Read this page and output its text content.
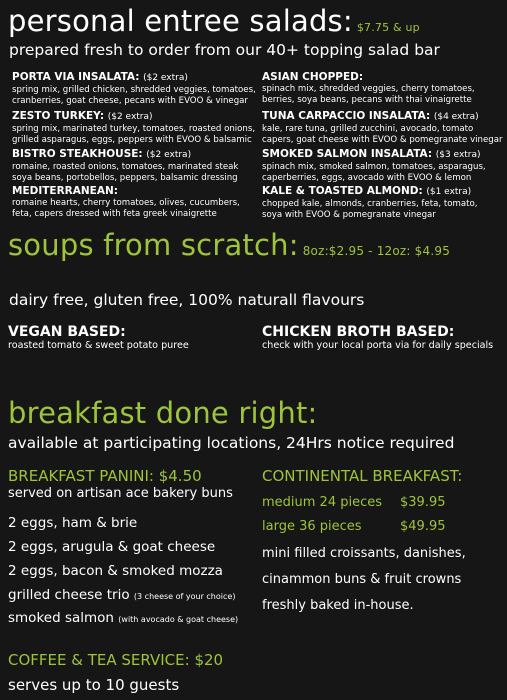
personal entree salads: $7.75 & up
prepared fresh to order from our 40+ topping salad bar
PORTA VIA INSALATA: ($2 extra)
spring mix, grilled chicken, shredded veggies, tomatoes,
cranberries, goat cheese, pecans with EVOO & vinegar
ZESTO TURKEY: ($2 extra)
spring mix, marinated turkey, tomatoes, roasted onions,
grilled asparagus, eggs, peppers with EVOO & balsamic
BISTRO STEAKHOUSE: ($2 extra)
romaine, roasted onions, tomatoes, marinated steak
soya beans, portobellos, peppers, balsamic dressing
MEDITERRANEAN:
romaine hearts, cherry tomatoes, olives, cucumbers,
feta, capers dressed with feta greek vinaigrette
ASIAN CHOPPED:
spinach mix, shredded veggies, cherry tomatoes,
berries, soya beans, pecans with thai vinaigrette
TUNA CARPACCIO INSALATA: ($4 extra)
kale, rare tuna, grilled zucchini, avocado, tomato
capers, goat cheese with EVOO & pomegranate vinegar
SMOKED SALMON INSALATA: ($3 extra)
spinach mix, smoked salmon, tomatoes, asparagus,
caperberries, eggs, avocado with EVOO & lemon
KALE & TOASTED ALMOND: ($1 extra)
chopped kale, almonds, cranberries, feta, tomato,
soya with EVOO & pomegranate vinegar
soups from scratch: 8oz:$2.95 - 12oz: $4.95
dairy free, gluten free, 100% naturall flavours
VEGAN BASED:
roasted tomato & sweet potato puree
CHICKEN BROTH BASED:
check with your local porta via for daily specials
breakfast done right:
available at participating locations, 24Hrs notice required
BREAKFAST PANINI: $4.50
served on artisan ace bakery buns
2 eggs, ham & brie
2 eggs, arugula & goat cheese
2 eggs, bacon & smoked mozza
grilled cheese trio (3 cheese of your choice)
smoked salmon (with avocado & goat cheese)
CONTINENTAL BREAKFAST:
medium 24 pieces $39.95
large 36 pieces	$49.95
mini filled croissants, danishes,
cinammon buns & fruit crowns
freshly baked in-house.
COFFEE & TEA SERVICE: $20
serves up to 10 guests
